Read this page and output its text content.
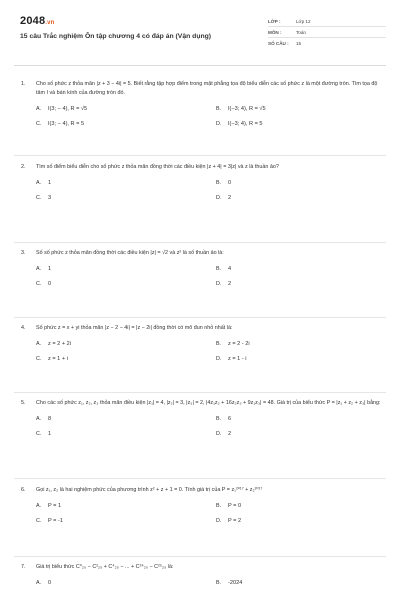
2048.vn
15 câu Trắc nghiệm Ôn tập chương 4 có đáp án (Vận dụng)
LỚP :	Lớp 12
MÔN :	Toán
SỐ CÂU :	15
1. Cho số phức z thỏa mãn |z + 3 − 4i| = 5. Biết rằng tập hợp điểm trong mặt phẳng tọa độ biểu diễn các số phức z là một đường tròn. Tìm tọa độ tâm I và bán kính của đường tròn đó.
A.	I(3; − 4), R = √5	B.	I(−3; 4), R = √5
C.	I(3; − 4), R = 5	D.	I(−3; 4), R = 5
2. Tìm số điểm biểu diễn cho số phức z thỏa mãn đồng thời các điều kiện |z + 4| = 3|z| và z là thuần ảo?
A.	1	B.	0
C.	3	D.	2
3. Số số phức z thỏa mãn đồng thời các điều kiện |z| = √2 và z² là số thuần ảo là:
A.	1	B.	4
C.	0	D.	2
4. Số phức z = x + yi thỏa mãn |z − 2 − 4i| = |z − 2i| đồng thời có mô đun nhỏ nhất là:
A.	z = 2 + 2i	B.	z = 2 - 2i
C.	z = 1 + i	D.	z = 1 - i
5. Cho các số phức z₁, z₂, z₃ thỏa mãn điều kiện |z₁| = 4, |z₂| = 3, |z₃| = 2, |4z₁z₂ + 16z₂z₃ + 9z₁z₃| = 48. Giá trị của biểu thức P = |z₁ + z₂ + z₃| bằng:
A.	8	B.	6
C.	1	D.	2
6. Gọi z₁, z₂ là hai nghiệm phức của phương trình z² + z + 1 = 0. Tính giá trị của P = z₁²⁰¹⁷ + z₂²⁰¹⁷
A.	P = 1	B.	P = 0
C.	P = -1	D.	P = 2
7. Giá trị biểu thức C⁰₂₅ − C²₂₅ + C⁴₂₅ − ... + C²⁴₂₅ − C²⁵₂₅ là:
A.	0	B.	-2024
